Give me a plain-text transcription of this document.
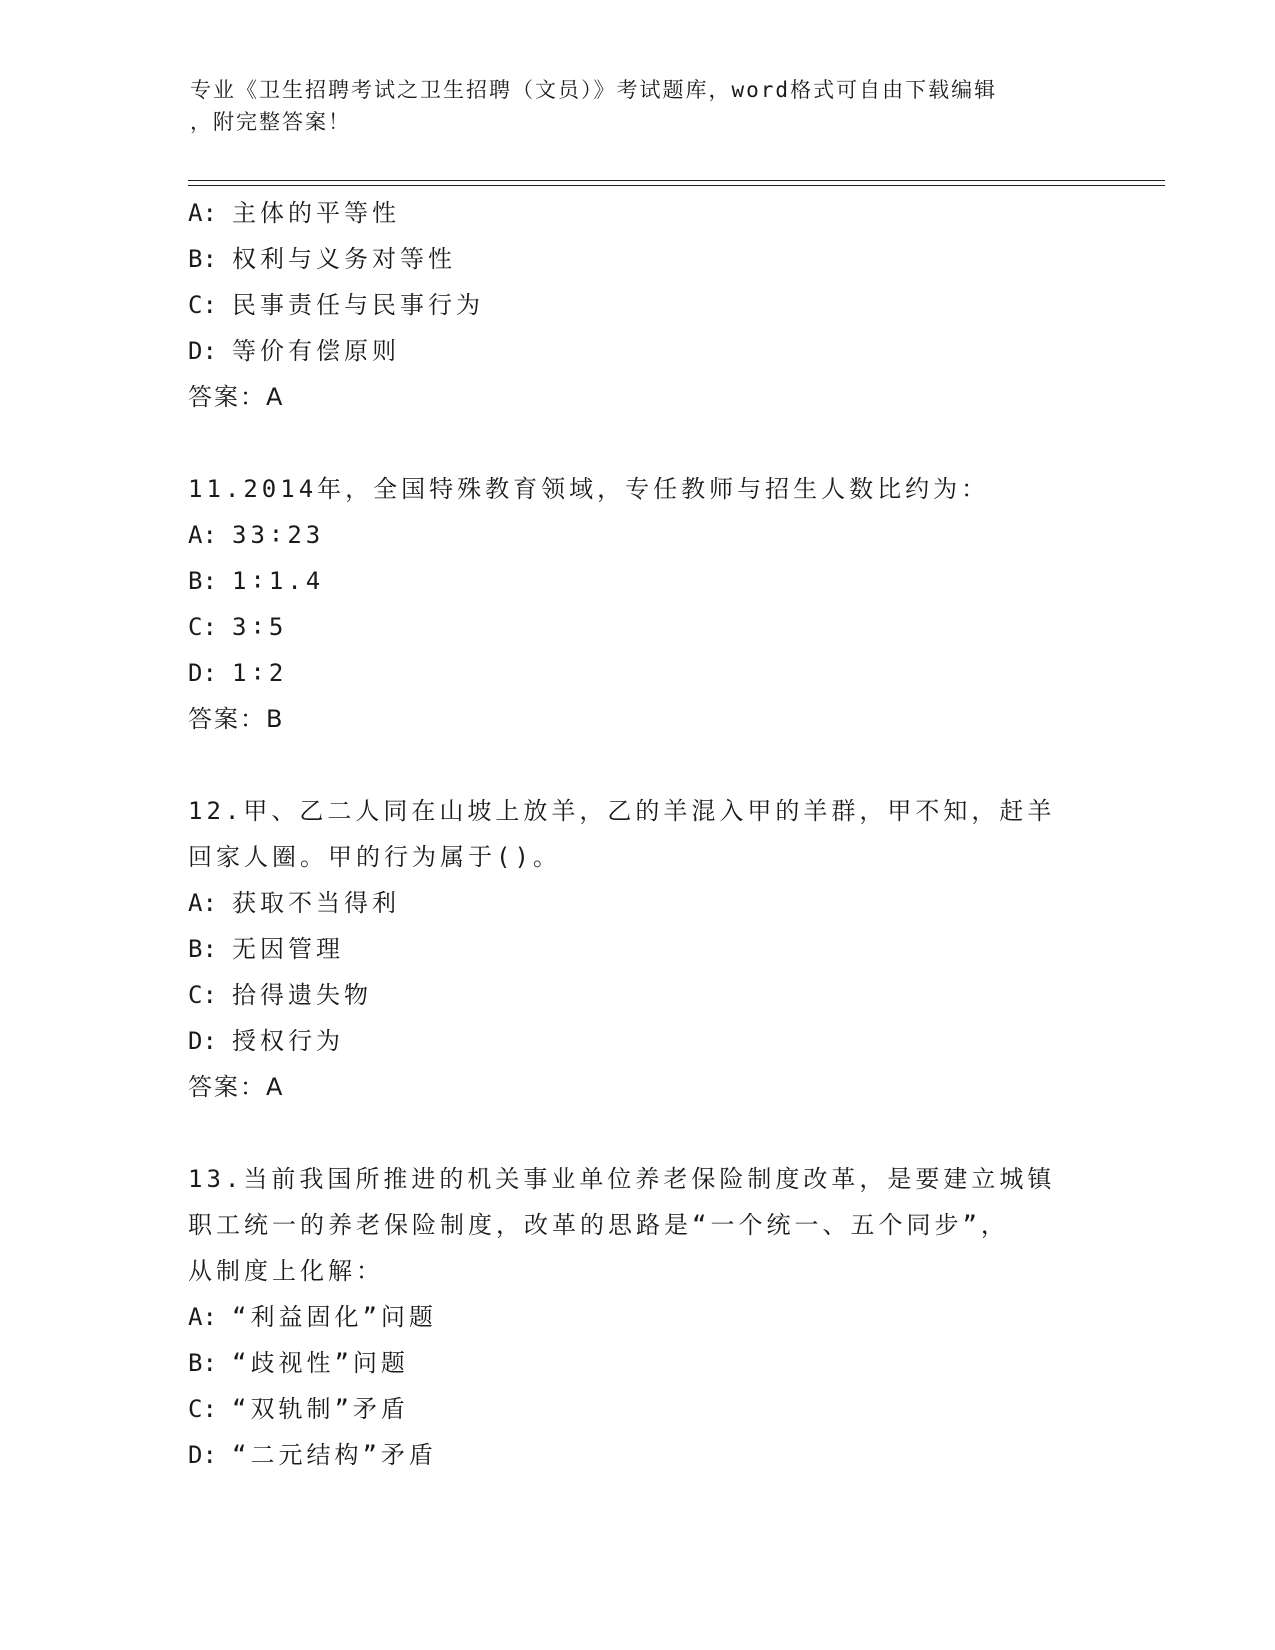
专业《卫生招聘考试之卫生招聘（文员）》考试题库，word格式可自由下载编辑

，附完整答案！

A: 主体的平等性
B: 权利与义务对等性
C: 民事责任与民事行为
D: 等价有偿原则
答案：A
11.2014年，全国特殊教育领域，专任教师与招生人数比约为：
A: 33∶23
B: 1∶1.4
C: 3∶5
D: 1∶2
答案：B
12.甲、乙二人同在山坡上放羊，乙的羊混入甲的羊群，甲不知，赶羊
回家人圈。甲的行为属于()。
A: 获取不当得利
B: 无因管理
C: 拾得遗失物
D: 授权行为
答案：A
13.当前我国所推进的机关事业单位养老保险制度改革，是要建立城镇
职工统一的养老保险制度，改革的思路是“一个统一、五个同步”，
从制度上化解：
A: “利益固化”问题
B: “歧视性”问题
C: “双轨制”矛盾
D: “二元结构”矛盾
